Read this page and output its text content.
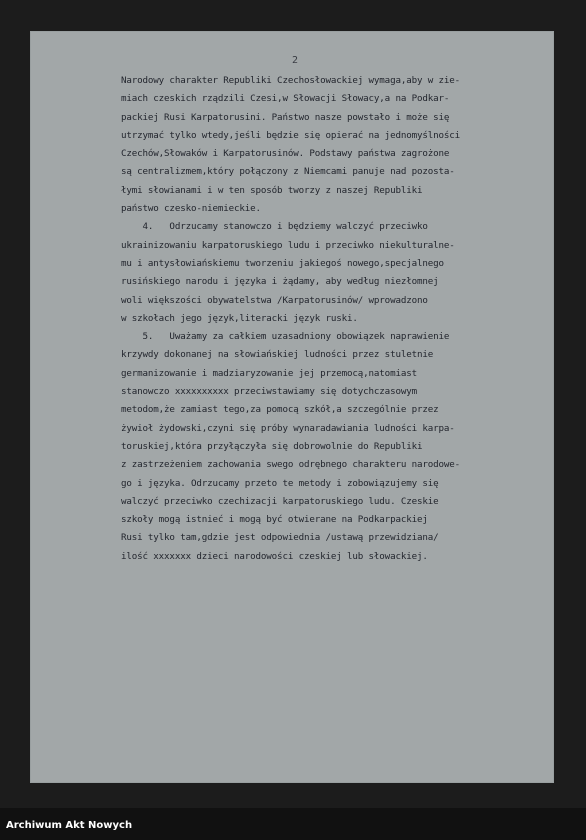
2
Narodowy charakter Republiki Czechosłowackiej wymaga,aby w zie-
miach czeskich rządzili Czesi,w Słowacji Słowacy,a na Podkar-
packiej Rusi Karpatorusini. Państwo nasze powstało i może się
utrzymać tylko wtedy,jeśli będzie się opierać na jednomyślności
Czechów,Słowaków i Karpatorusinów. Podstawy państwa zagrożone
są centralizmem,który połączony z Niemcami panuje nad pozosta-
łymi słowianami i w ten sposób tworzy z naszej Republiki
państwo czesko-niemieckie.
4.   Odrzucamy stanowczo i będziemy walczyć przeciwko
ukrainizowaniu karpatoruskiego ludu i przeciwko niekulturalne-
mu i antysłowiańskiemu tworzeniu jakiegoś nowego,specjalnego
rusińskiego narodu i języka i żądamy, aby według niezłomnej
woli większości obywatelstwa /Karpatorusinów/ wprowadzono
w szkołach jego język,literacki język ruski.
5.   Uważamy za całkiem uzasadniony obowiązek naprawienie
krzywdy dokonanej na słowiańskiej ludności przez stuletnie
germanizowanie i madziaryzowanie jej przemocą,natomiast
stanowczo xxxxxxxxxx przeciwstawiamy się dotychczasowym
metodom,że zamiast tego,za pomocą szkół,a szczególnie przez
żywioł żydowski,czyni się próby wynaradawiania ludności karpa-
toruskiej,która przyłączyła się dobrowolnie do Republiki
z zastrzeżeniem zachowania swego odrębnego charakteru narodowe-
go i języka. Odrzucamy przeto te metody i zobowiązujemy się
walczyć przeciwko czechizacji karpatoruskiego ludu. Czeskie
szkoły mogą istnieć i mogą być otwierane na Podkarpackiej
Rusi tylko tam,gdzie jest odpowiednia /ustawą przewidziana/
ilość xxxxxxx dzieci narodowości czeskiej lub słowackiej.
Archiwum Akt Nowych
